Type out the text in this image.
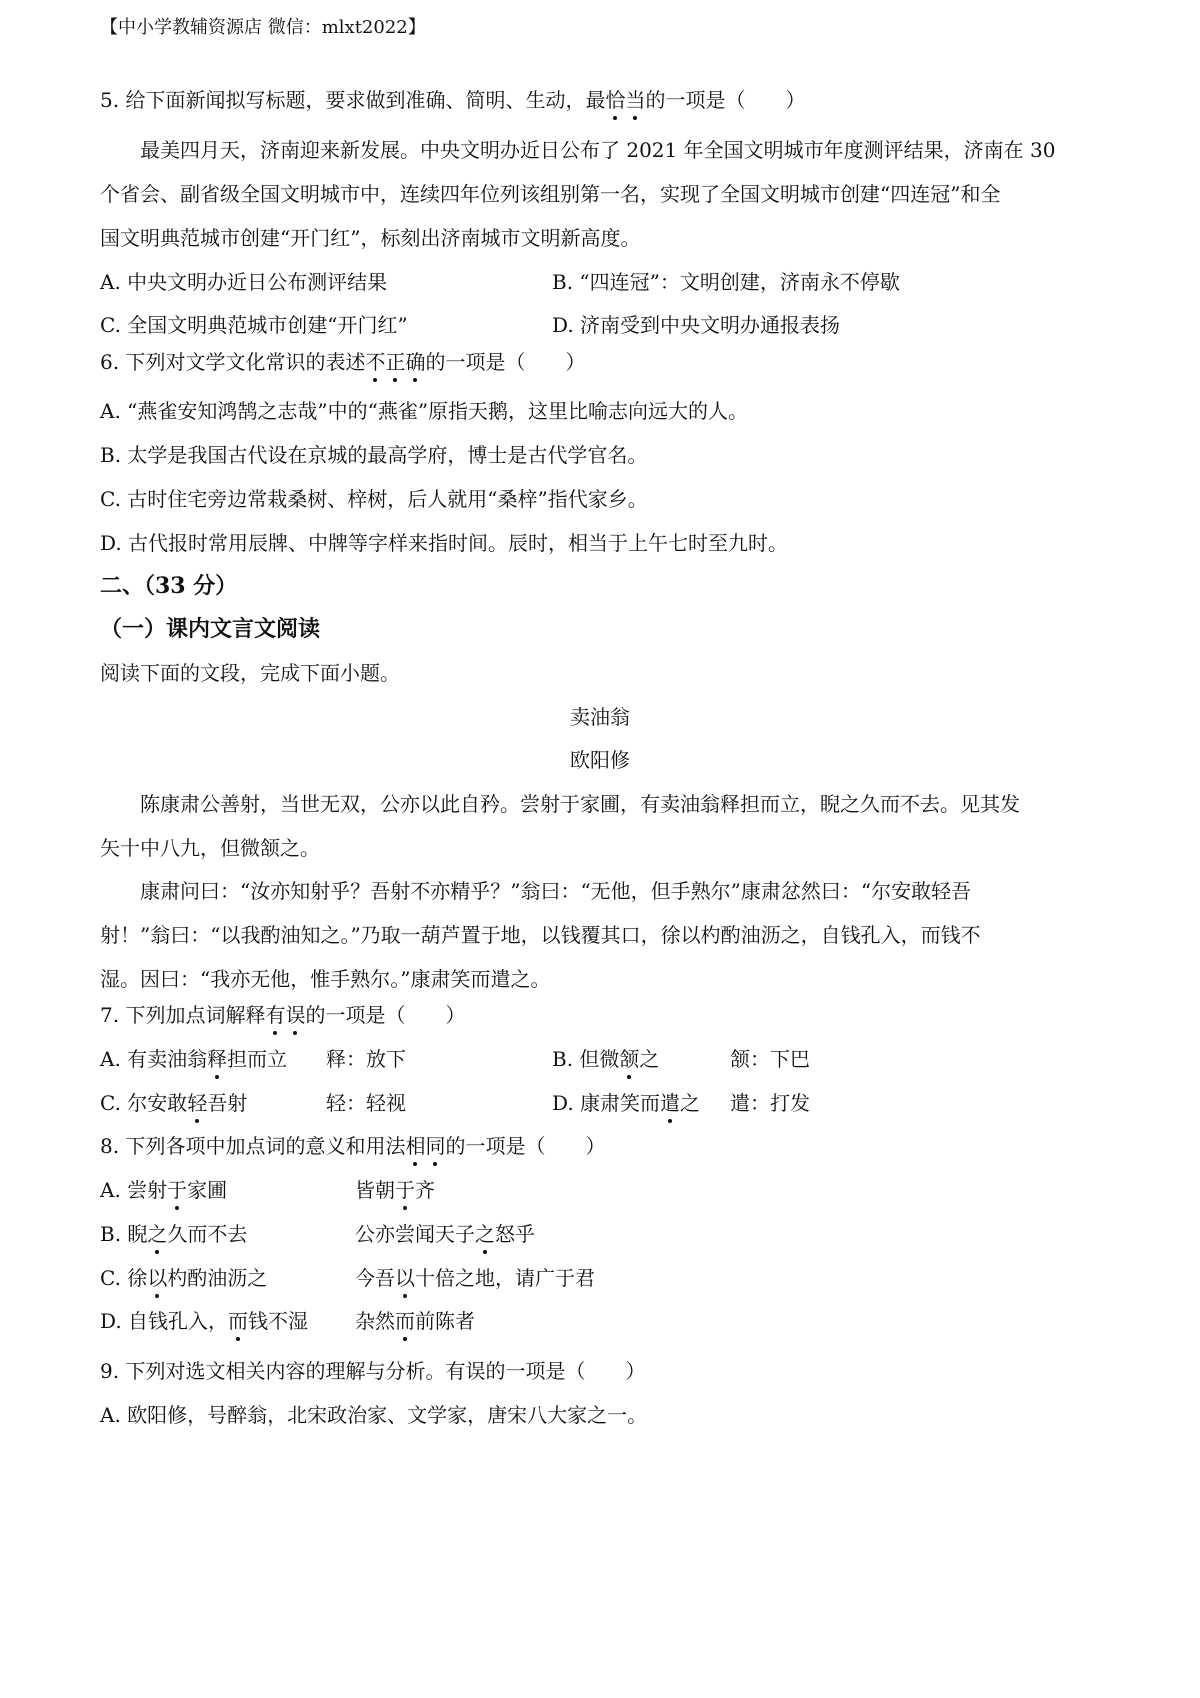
【中小学教辅资源店 微信：mlxt2022】
5. 给下面新闻拟写标题，要求做到准确、简明、生动，最恰当的一项是（　　）
最美四月天，济南迎来新发展。中央文明办近日公布了 2021 年全国文明城市年度测评结果，济南在 30
个省会、副省级全国文明城市中，连续四年位列该组别第一名，实现了全国文明城市创建“四连冠”和全
国文明典范城市创建“开门红”，标刻出济南城市文明新高度。
A. 中央文明办近日公布测评结果	B. “四连冠”：文明创建，济南永不停歇
C. 全国文明典范城市创建“开门红”	D. 济南受到中央文明办通报表扬
6. 下列对文学文化常识的表述不正确的一项是（　　）
A. “燕雀安知鸿鹄之志哉”中的“燕雀”原指天鹅，这里比喻志向远大的人。
B. 太学是我国古代设在京城的最高学府，博士是古代学官名。
C. 古时住宅旁边常栽桑树、梓树，后人就用“桑梓”指代家乡。
D. 古代报时常用辰牌、中牌等字样来指时间。辰时，相当于上午七时至九时。
二、（33 分）
（一）课内文言文阅读
阅读下面的文段，完成下面小题。
卖油翁
欧阳修
陈康肃公善射，当世无双，公亦以此自矜。尝射于家圃，有卖油翁释担而立，睨之久而不去。见其发
矢十中八九，但微颔之。
康肃问曰：“汝亦知射乎？吾射不亦精乎？”翁曰：“无他，但手熟尔”康肃忿然曰：“尔安敢轻吾
射！”翁曰：“以我酌油知之。”乃取一葫芦置于地，以钱覆其口，徐以杓酌油沥之，自钱孔入，而钱不
湿。因曰：“我亦无他，惟手熟尔。”康肃笑而遣之。
7. 下列加点词解释有误的一项是（　　）
A. 有卖油翁释担而立 释：放下	B. 但微颔之	颔：下巴
C. 尔安敢轻吾射	轻：轻视	D. 康肃笑而遣之 遣：打发
8. 下列各项中加点词的意义和用法相同的一项是（　　）
A. 尝射于家圃	皆朝于齐
B. 睨之久而不去	公亦尝闻天子之怒乎
C. 徐以杓酌油沥之	今吾以十倍之地，请广于君
D. 自钱孔入，而钱不湿 杂然而前陈者
9. 下列对选文相关内容的理解与分析。有误的一项是（　　）
A. 欧阳修，号醉翁，北宋政治家、文学家，唐宋八大家之一。
